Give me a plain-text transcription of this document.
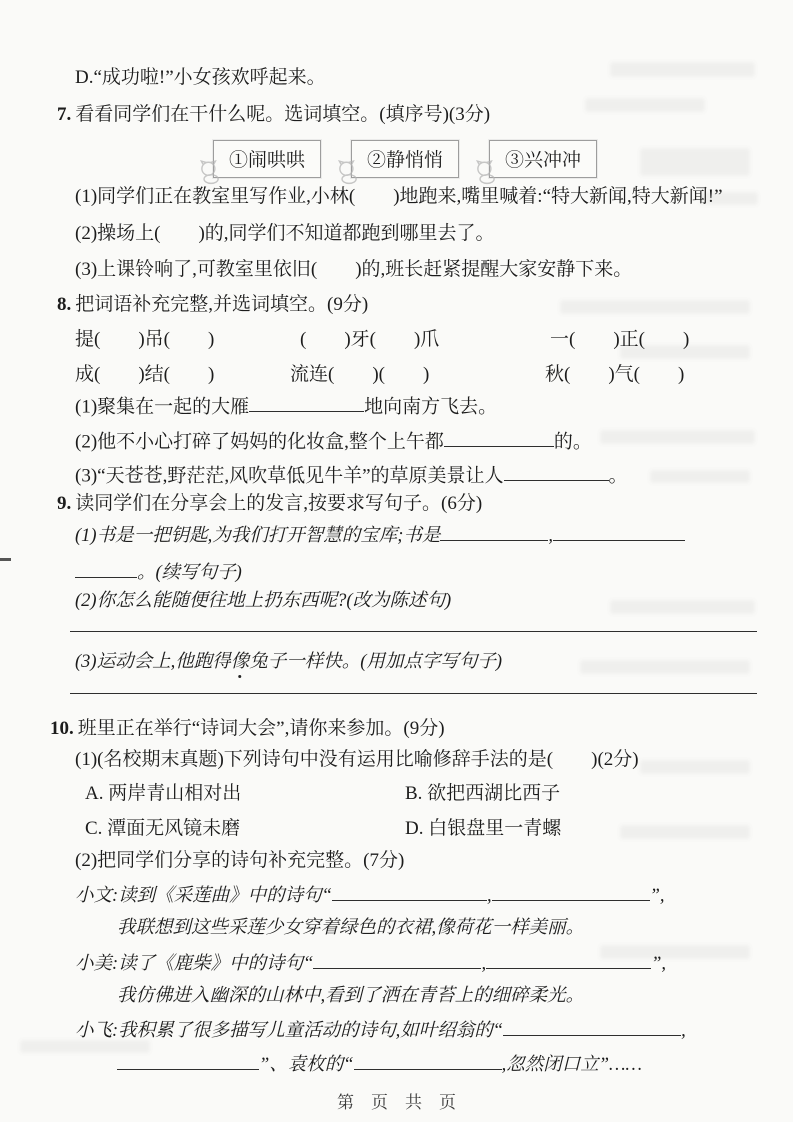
D.“成功啦!”小女孩欢呼起来。
7. 看看同学们在干什么呢。选词填空。(填序号)(3分)
①闹哄哄	②静悄悄	③兴冲冲
(1)同学们正在教室里写作业,小林(　　)地跑来,嘴里喊着:“特大新闻,特大新闻!”
(2)操场上(　　)的,同学们不知道都跑到哪里去了。
(3)上课铃响了,可教室里依旧(　　)的,班长赶紧提醒大家安静下来。
8. 把词语补充完整,并选词填空。(9分)
提(　　)吊(　　)	(　　)牙(　　)爪	一(　　)正(　　)
成(　　)结(　　)	流连(　　)(　　)	秋(　　)气(　　)
(1)聚集在一起的大雁	地向南方飞去。
(2)他不小心打碎了妈妈的化妆盒,整个上午都	的。
(3)“天苍苍,野茫茫,风吹草低见牛羊”的草原美景让人	。
9. 读同学们在分享会上的发言,按要求写句子。(6分)
(1)书是一把钥匙,为我们打开智慧的宝库;书是	,
。(续写句子)
(2)你怎么能随便往地上扔东西呢?(改为陈述句)
(3)运动会上,他跑得像兔子一样快。(用加点字写句子)
10. 班里正在举行“诗词大会”,请你来参加。(9分)
(1)(名校期末真题)下列诗句中没有运用比喻修辞手法的是(　　)(2分)
A. 两岸青山相对出	B. 欲把西湖比西子
C. 潭面无风镜未磨	D. 白银盘里一青螺
(2)把同学们分享的诗句补充完整。(7分)
小文:读到《采莲曲》中的诗句“	,	”,
我联想到这些采莲少女穿着绿色的衣裙,像荷花一样美丽。
小美:读了《鹿柴》中的诗句“	,	”,
我仿佛进入幽深的山林中,看到了洒在青苔上的细碎柔光。
小飞:我积累了很多描写儿童活动的诗句,如叶绍翁的“	,
”、袁枚的“	,忽然闭口立”……
第　页　共　页
